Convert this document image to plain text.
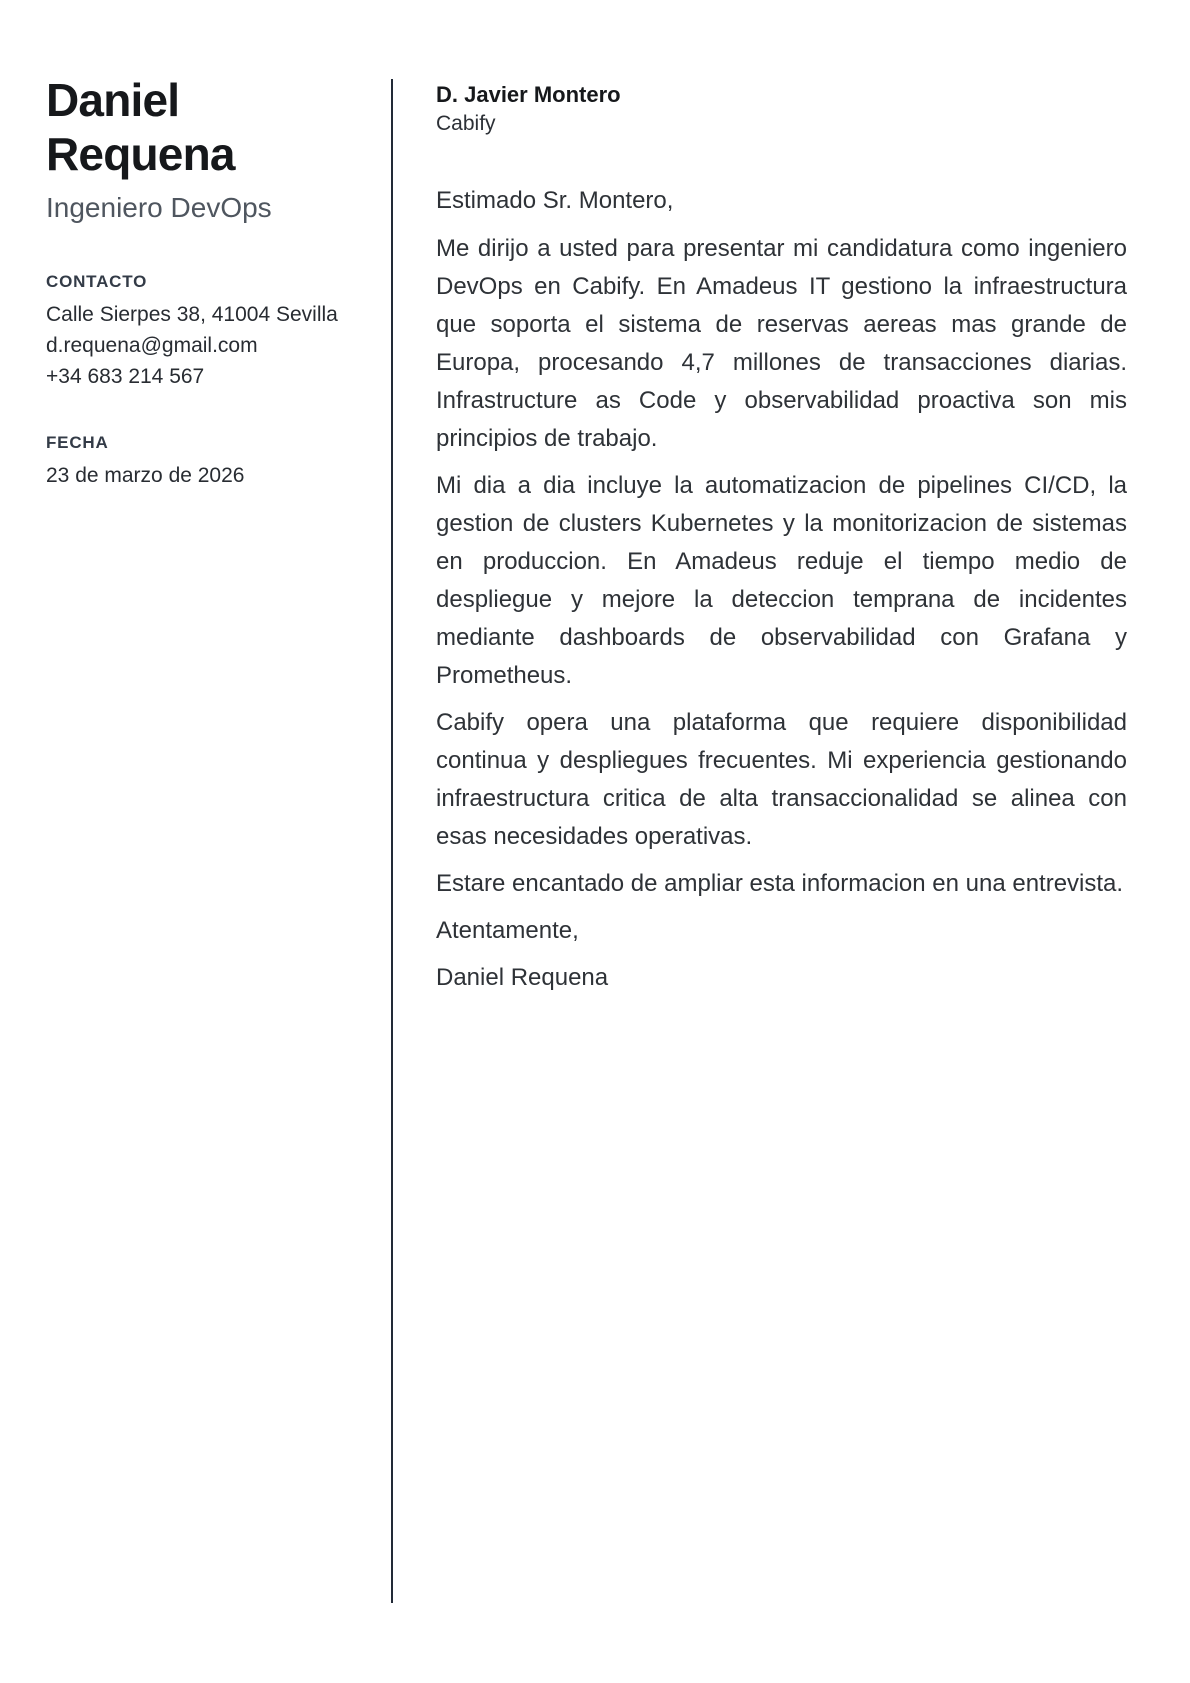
Daniel Requena
Ingeniero DevOps
CONTACTO
Calle Sierpes 38, 41004 Sevilla
d.requena@gmail.com
+34 683 214 567
FECHA
23 de marzo de 2026
D. Javier Montero
Cabify

Estimado Sr. Montero,

Me dirijo a usted para presentar mi candidatura como ingeniero DevOps en Cabify. En Amadeus IT gestiono la infraestructura que soporta el sistema de reservas aereas mas grande de Europa, procesando 4,7 millones de transacciones diarias. Infrastructure as Code y observabilidad proactiva son mis principios de trabajo.

Mi dia a dia incluye la automatizacion de pipelines CI/CD, la gestion de clusters Kubernetes y la monitorizacion de sistemas en produccion. En Amadeus reduje el tiempo medio de despliegue y mejore la deteccion temprana de incidentes mediante dashboards de observabilidad con Grafana y Prometheus.

Cabify opera una plataforma que requiere disponibilidad continua y despliegues frecuentes. Mi experiencia gestionando infraestructura critica de alta transaccionalidad se alinea con esas necesidades operativas.

Estare encantado de ampliar esta informacion en una entrevista.

Atentamente,

Daniel Requena
